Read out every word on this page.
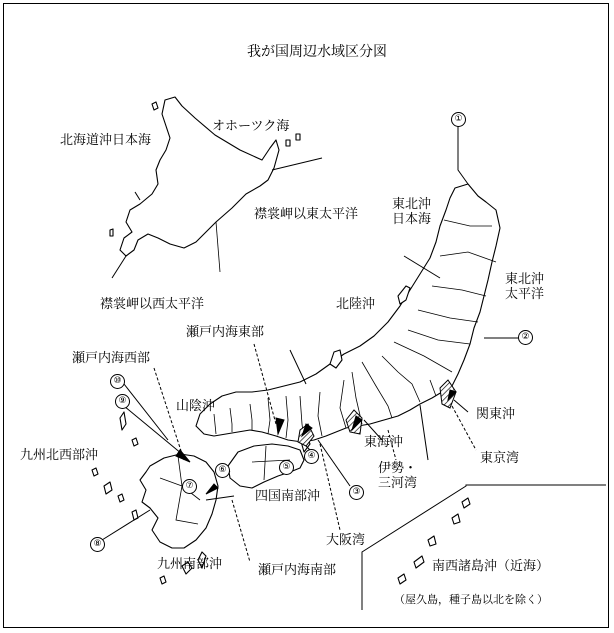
我が国周辺水域区分図
北海道沖日本海
オホーツク海
襟裳岬以東太平洋
襟裳岬以西太平洋
東北沖
日本海
東北沖
太平洋
北陸沖
瀬戸内海東部
瀬戸内海西部
山陰沖
関東沖
東京湾
東海沖
伊勢・
三河湾
九州北西部沖
四国南部沖
大阪湾
九州南部沖	瀬戸内海南部	南西諸島沖（近海）
（屋久島，種子島以北を除く）
①
②
③
④
⑤
⑥
⑦
⑧
⑨
⑩
